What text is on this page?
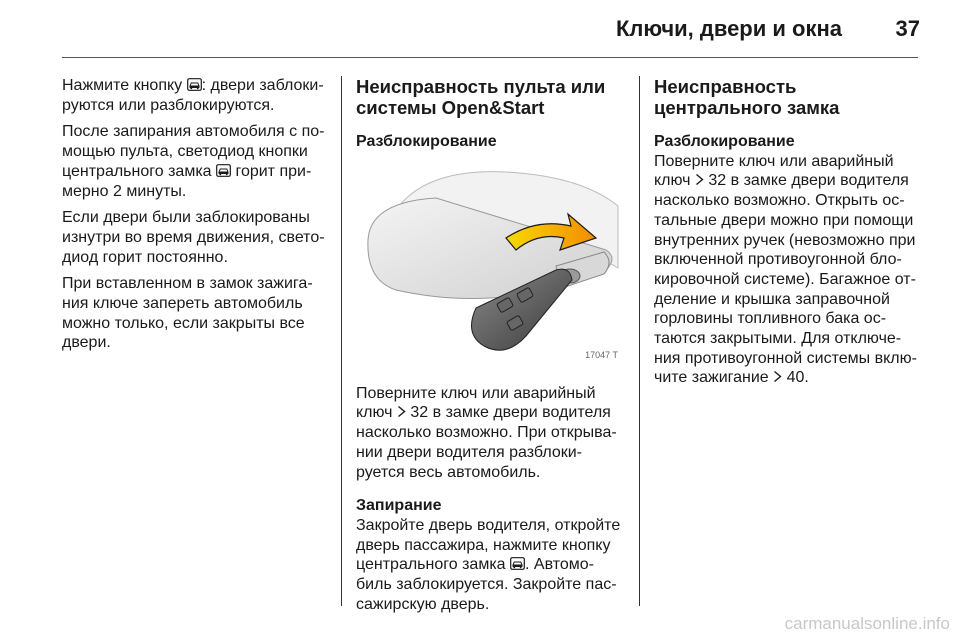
Ключи, двери и окна	37

Нажмите кнопку : двери заблоки-руются или разблокируются.

После запирания автомобиля с по-мощью пульта, светодиод кнопки центрального замка  горит при-мерно 2 минуты.

Если двери были заблокированы изнутри во время движения, свето-диод горит постоянно.

При вставленном в замок зажига-ния ключе запереть автомобиль можно только, если закрыты все двери.

Неисправность пульта или системы Open&Start
Разблокирование
17047 T

Поверните ключ или аварийный ключ  32 в замке двери водителя насколько возможно. При открыва-нии двери водителя разблоки-руется весь автомобиль.

Запирание

Закройте дверь водителя, откройте дверь пассажира, нажмите кнопку центрального замка . Автомо-биль заблокируется. Закройте пас-сажирскую дверь.

Неисправность центрального замка
Разблокирование

Поверните ключ или аварийный ключ  32 в замке двери водителя насколько возможно. Открыть ос-тальные двери можно при помощи внутренних ручек (невозможно при включенной противоугонной бло-кировочной системе). Багажное от-деление и крышка заправочной горловины топливного бака ос-таются закрытыми. Для отключе-ния противоугонной системы вклю-чите зажигание  40.

carmanualsonline.info
